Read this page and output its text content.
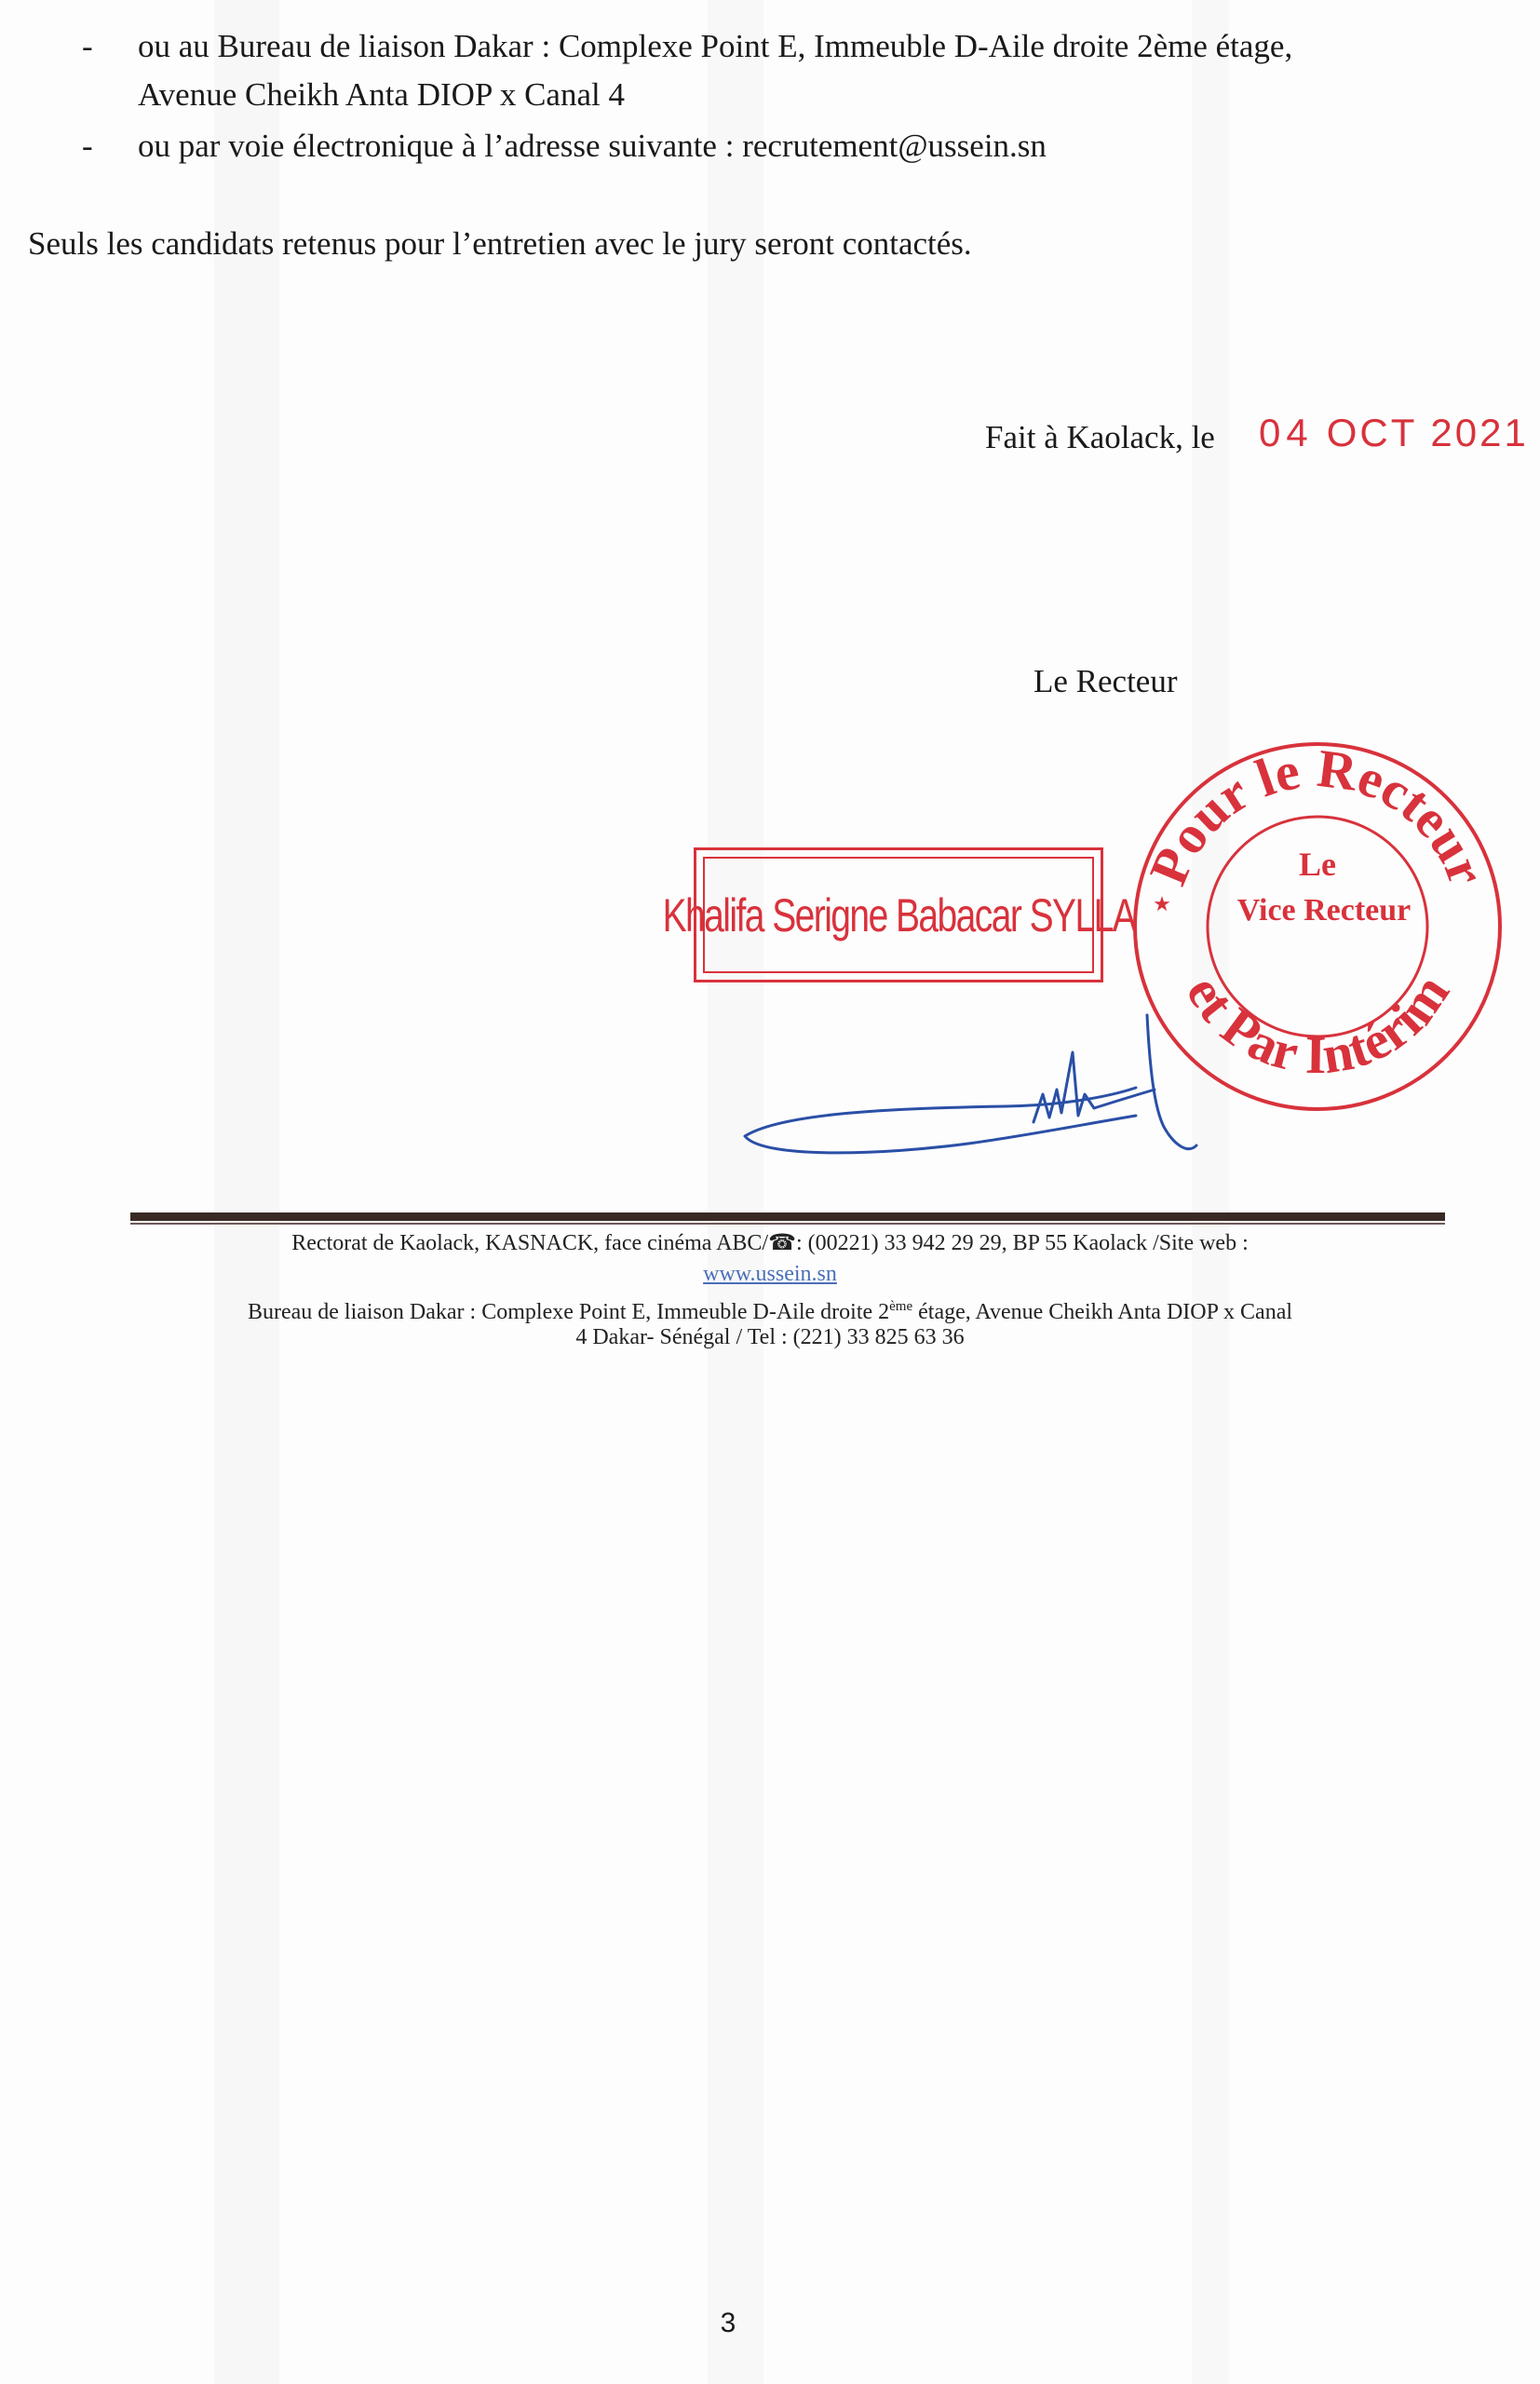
- ou au Bureau de liaison Dakar : Complexe Point E, Immeuble D-Aile droite 2ème étage,
Avenue Cheikh Anta DIOP x Canal 4
- ou par voie électronique à l’adresse suivante : recrutement@ussein.sn
Seuls les candidats retenus pour l’entretien avec le jury seront contactés.
Fait à Kaolack, le 04 OCT 2021
Le Recteur
Khalifa Serigne Babacar SYLLA
Pour le Recteur
et Par Intérim
Le
Vice Recteur
★
Rectorat de Kaolack, KASNACK, face cinéma ABC/☎: (00221) 33 942 29 29, BP 55 Kaolack /Site web :
www.ussein.sn
Bureau de liaison Dakar : Complexe Point E, Immeuble D-Aile droite 2ème étage, Avenue Cheikh Anta DIOP x Canal
4 Dakar- Sénégal / Tel : (221) 33 825 63 36
3
